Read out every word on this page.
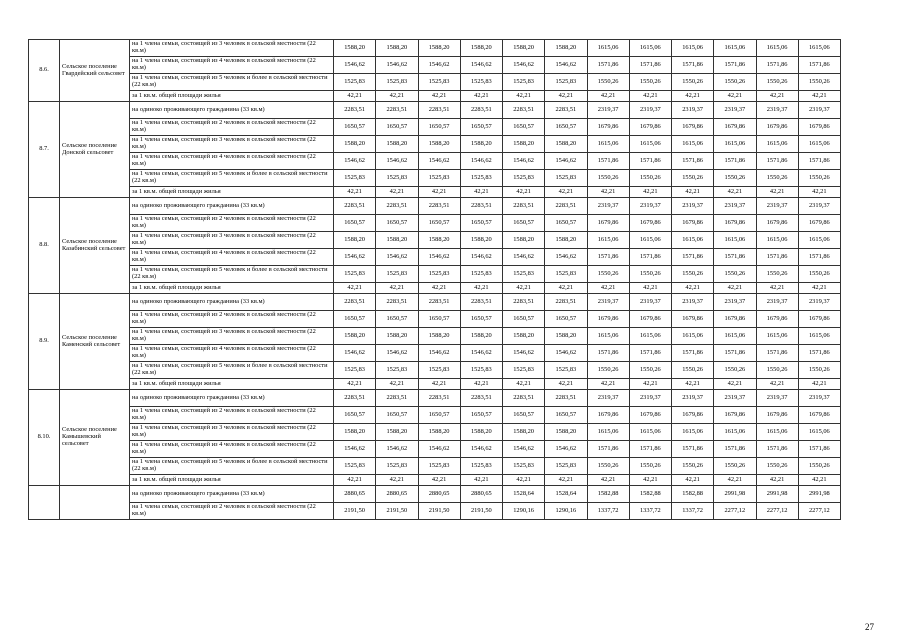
8.6.	Сельское поселение Гвардейский сельсовет	на 1 члена семьи, состоящей из 3 человек в сельской местности (22 кв.м)	1588,20	1588,20	1588,20	1588,20	1588,20	1588,20	1615,06	1615,06	1615,06	1615,06	1615,06	1615,06
		на 1 члена семьи, состоящей из 4 человек в сельской местности (22 кв.м)	1546,62	1546,62	1546,62	1546,62	1546,62	1546,62	1571,86	1571,86	1571,86	1571,86	1571,86	1571,86
		на 1 члена семьи, состоящей из 5 человек и более в сельской местности (22 кв.м)	1525,83	1525,83	1525,83	1525,83	1525,83	1525,83	1550,26	1550,26	1550,26	1550,26	1550,26	1550,26
		за 1 кв.м. общей площади жилья	42,21	42,21	42,21	42,21	42,21	42,21	42,21	42,21	42,21	42,21	42,21	42,21
8.7.	Сельское поселение Донской сельсовет	на одиноко проживающего гражданина (33 кв.м)	2283,51	2283,51	2283,51	2283,51	2283,51	2283,51	2319,37	2319,37	2319,37	2319,37	2319,37	2319,37
		на 1 члена семьи, состоящей из 2 человек в сельской местности (22 кв.м)	1650,57	1650,57	1650,57	1650,57	1650,57	1650,57	1679,86	1679,86	1679,86	1679,86	1679,86	1679,86
		на 1 члена семьи, состоящей из 3 человек в сельской местности (22 кв.м)	1588,20	1588,20	1588,20	1588,20	1588,20	1588,20	1615,06	1615,06	1615,06	1615,06	1615,06	1615,06
		на 1 члена семьи, состоящей из 4 человек в сельской местности (22 кв.м)	1546,62	1546,62	1546,62	1546,62	1546,62	1546,62	1571,86	1571,86	1571,86	1571,86	1571,86	1571,86
		на 1 члена семьи, состоящей из 5 человек и более в сельской местности (22 кв.м)	1525,83	1525,83	1525,83	1525,83	1525,83	1525,83	1550,26	1550,26	1550,26	1550,26	1550,26	1550,26
		за 1 кв.м. общей площади жилья	42,21	42,21	42,21	42,21	42,21	42,21	42,21	42,21	42,21	42,21	42,21	42,21
8.8.	Сельское поселение Казабинский сельсовет	на одиноко проживающего гражданина (33 кв.м)	2283,51	2283,51	2283,51	2283,51	2283,51	2283,51	2319,37	2319,37	2319,37	2319,37	2319,37	2319,37
		на 1 члена семьи, состоящей из 2 человек в сельской местности (22 кв.м)	1650,57	1650,57	1650,57	1650,57	1650,57	1650,57	1679,86	1679,86	1679,86	1679,86	1679,86	1679,86
		на 1 члена семьи, состоящей из 3 человек в сельской местности (22 кв.м)	1588,20	1588,20	1588,20	1588,20	1588,20	1588,20	1615,06	1615,06	1615,06	1615,06	1615,06	1615,06
		на 1 члена семьи, состоящей из 4 человек в сельской местности (22 кв.м)	1546,62	1546,62	1546,62	1546,62	1546,62	1546,62	1571,86	1571,86	1571,86	1571,86	1571,86	1571,86
		на 1 члена семьи, состоящей из 5 человек и более в сельской местности (22 кв.м)	1525,83	1525,83	1525,83	1525,83	1525,83	1525,83	1550,26	1550,26	1550,26	1550,26	1550,26	1550,26
		за 1 кв.м. общей площади жилья	42,21	42,21	42,21	42,21	42,21	42,21	42,21	42,21	42,21	42,21	42,21	42,21
8.9.	Сельское поселение Каменский сельсовет	на одиноко проживающего гражданина (33 кв.м)	2283,51	2283,51	2283,51	2283,51	2283,51	2283,51	2319,37	2319,37	2319,37	2319,37	2319,37	2319,37
		на 1 члена семьи, состоящей из 2 человек в сельской местности (22 кв.м)	1650,57	1650,57	1650,57	1650,57	1650,57	1650,57	1679,86	1679,86	1679,86	1679,86	1679,86	1679,86
		на 1 члена семьи, состоящей из 3 человек в сельской местности (22 кв.м)	1588,20	1588,20	1588,20	1588,20	1588,20	1588,20	1615,06	1615,06	1615,06	1615,06	1615,06	1615,06
		на 1 члена семьи, состоящей из 4 человек в сельской местности (22 кв.м)	1546,62	1546,62	1546,62	1546,62	1546,62	1546,62	1571,86	1571,86	1571,86	1571,86	1571,86	1571,86
		на 1 члена семьи, состоящей из 5 человек и более в сельской местности (22 кв.м)	1525,83	1525,83	1525,83	1525,83	1525,83	1525,83	1550,26	1550,26	1550,26	1550,26	1550,26	1550,26
		за 1 кв.м. общей площади жилья	42,21	42,21	42,21	42,21	42,21	42,21	42,21	42,21	42,21	42,21	42,21	42,21
8.10.	Сельское поселение Камышевский сельсовет	на одиноко проживающего гражданина (33 кв.м)	2283,51	2283,51	2283,51	2283,51	2283,51	2283,51	2319,37	2319,37	2319,37	2319,37	2319,37	2319,37
		на 1 члена семьи, состоящей из 2 человек в сельской местности (22 кв.м)	1650,57	1650,57	1650,57	1650,57	1650,57	1650,57	1679,86	1679,86	1679,86	1679,86	1679,86	1679,86
		на 1 члена семьи, состоящей из 3 человек в сельской местности (22 кв.м)	1588,20	1588,20	1588,20	1588,20	1588,20	1588,20	1615,06	1615,06	1615,06	1615,06	1615,06	1615,06
		на 1 члена семьи, состоящей из 4 человек в сельской местности (22 кв.м)	1546,62	1546,62	1546,62	1546,62	1546,62	1546,62	1571,86	1571,86	1571,86	1571,86	1571,86	1571,86
		на 1 члена семьи, состоящей из 5 человек и более в сельской местности (22 кв.м)	1525,83	1525,83	1525,83	1525,83	1525,83	1525,83	1550,26	1550,26	1550,26	1550,26	1550,26	1550,26
		за 1 кв.м. общей площади жилья	42,21	42,21	42,21	42,21	42,21	42,21	42,21	42,21	42,21	42,21	42,21	42,21
		на одиноко проживающего гражданина (33 кв.м)	2880,65	2880,65	2880,65	2880,65	1528,64	1528,64	1582,88	1582,88	1582,88	2991,98	2991,98	2991,98
		на 1 члена семьи, состоящей из 2 человек в сельской местности (22 кв.м)	2191,50	2191,50	2191,50	2191,50	1290,16	1290,16	1337,72	1337,72	1337,72	2277,12	2277,12	2277,12
27
